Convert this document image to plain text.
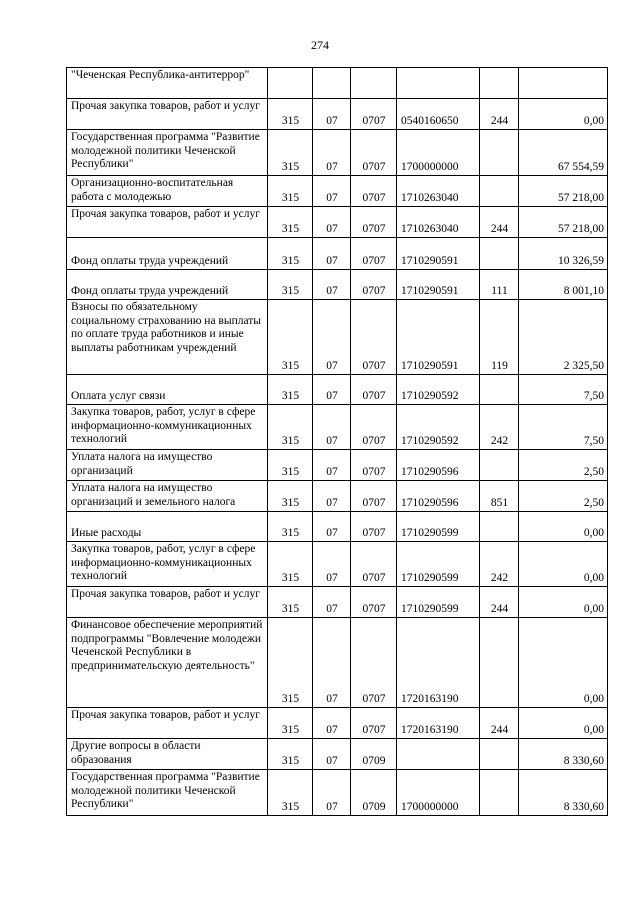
274
"Чеченская Республика-антитеррор"						

Прочая закупка товаров, работ и услуг	315	07	0707	0540160650	244	0,00

Государственная программа "Развитие молодежной политики Чеченской Республики"	315	07	0707	1700000000		67 554,59

Организационно-воспитательная работа с молодежью	315	07	0707	1710263040		57 218,00

Прочая закупка товаров, работ и услуг	315	07	0707	1710263040	244	57 218,00

Фонд оплаты труда учреждений	315	07	0707	1710290591		10 326,59

Фонд оплаты труда учреждений	315	07	0707	1710290591	111	8 001,10

Взносы по обязательному социальному страхованию на выплаты по оплате труда работников и иные выплаты работникам учреждений	315	07	0707	1710290591	119	2 325,50

Оплата услуг связи	315	07	0707	1710290592		7,50

Закупка товаров, работ, услуг в сфере информационно-коммуникационных технологий	315	07	0707	1710290592	242	7,50

Уплата налога на имущество организаций	315	07	0707	1710290596		2,50

Уплата налога на имущество организаций и земельного налога	315	07	0707	1710290596	851	2,50

Иные расходы	315	07	0707	1710290599		0,00

Закупка товаров, работ, услуг в сфере информационно-коммуникационных технологий	315	07	0707	1710290599	242	0,00

Прочая закупка товаров, работ и услуг	315	07	0707	1710290599	244	0,00

Финансовое обеспечение мероприятий подпрограммы "Вовлечение молодежи Чеченской Республики в предпринимательскую деятельность"	315	07	0707	1720163190		0,00

Прочая закупка товаров, работ и услуг	315	07	0707	1720163190	244	0,00

Другие вопросы в области образования	315	07	0709			8 330,60

Государственная программа "Развитие молодежной политики Чеченской Республики"	315	07	0709	1700000000		8 330,60
